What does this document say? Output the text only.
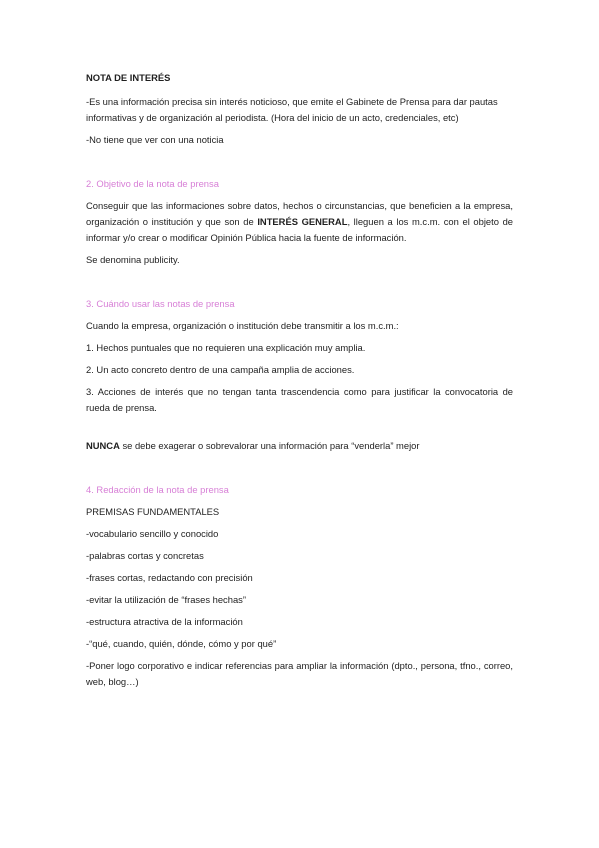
NOTA DE INTERÉS

-Es una información precisa sin interés noticioso, que emite el Gabinete de Prensa para dar pautas informativas y de organización al periodista. (Hora del inicio de un acto, credenciales, etc)

-No tiene que ver con una noticia

2. Objetivo de la nota de prensa

Conseguir que las informaciones sobre datos, hechos o circunstancias, que beneficien a la empresa, organización o institución y que son de INTERÉS GENERAL, lleguen a los m.c.m. con el objeto de informar y/o crear o modificar Opinión Pública hacia la fuente de información.

Se denomina publicity.

3. Cuándo usar las notas de prensa

Cuando la empresa, organización o institución debe transmitir a los m.c.m.:

1. Hechos puntuales que no requieren una explicación muy amplia.

2. Un acto concreto dentro de una campaña amplia de acciones.

3. Acciones de interés que no tengan tanta trascendencia como para justificar la convocatoria de rueda de prensa.

NUNCA se debe exagerar o sobrevalorar una información para “venderla” mejor

4. Redacción de la nota de prensa

PREMISAS FUNDAMENTALES

-vocabulario sencillo y conocido

-palabras cortas y concretas

-frases cortas, redactando con precisión

-evitar la utilización de “frases hechas”

-estructura atractiva de la información

-“qué, cuando, quién, dónde, cómo y por qué”

-Poner logo corporativo e indicar referencias para ampliar la información (dpto., persona, tfno., correo, web, blog…)
